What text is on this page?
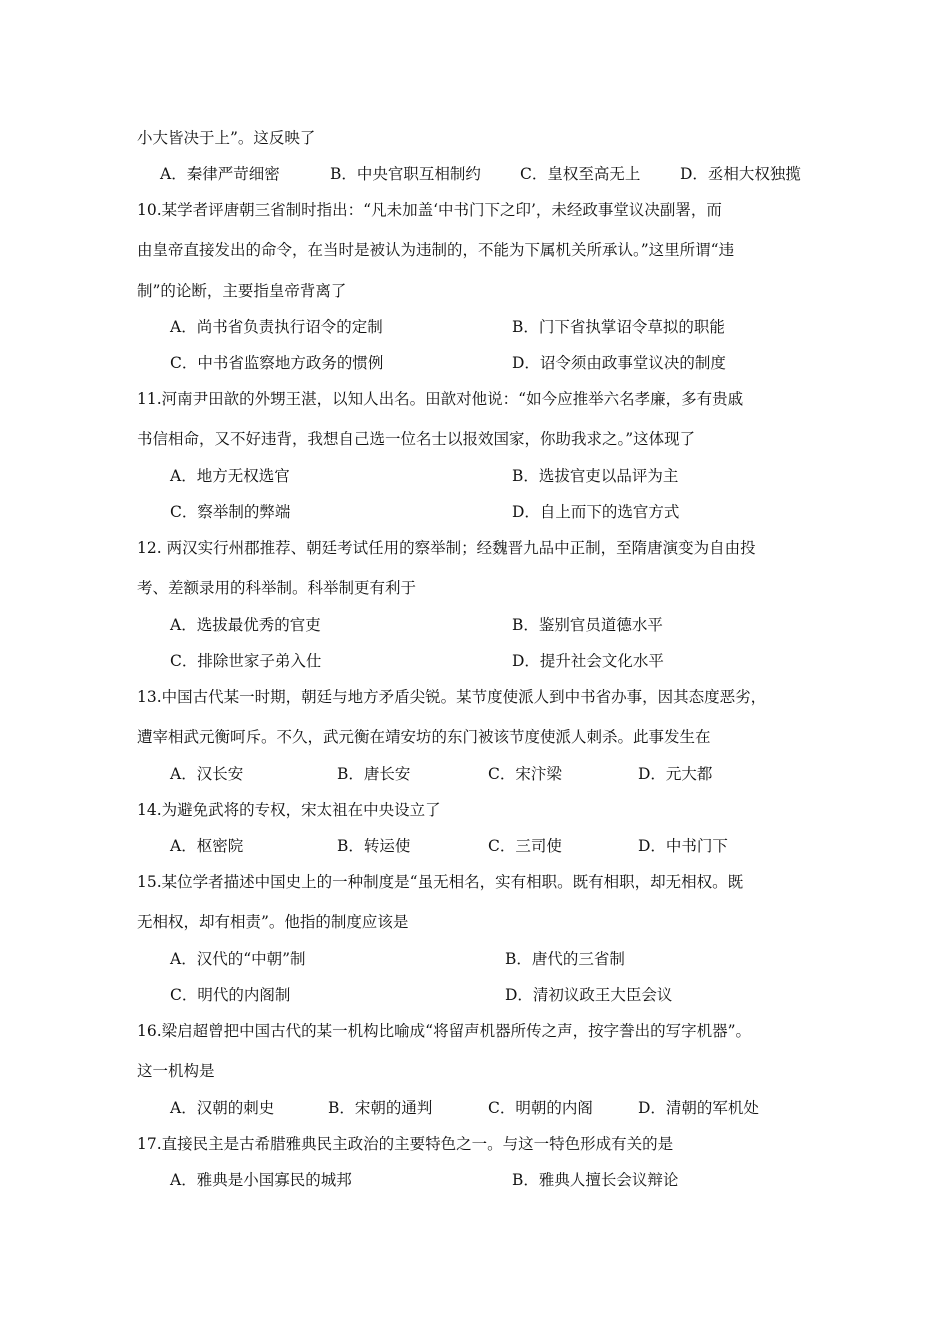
小大皆决于上”。这反映了
A．秦律严苛细密	B．中央官职互相制约	C．皇权至高无上	D．丞相大权独揽
10.某学者评唐朝三省制时指出：“凡未加盖‘中书门下之印’，未经政事堂议决副署，而
由皇帝直接发出的命令，在当时是被认为违制的，不能为下属机关所承认。”这里所谓“违
制”的论断，主要指皇帝背离了
A．尚书省负责执行诏令的定制	B．门下省执掌诏令草拟的职能
C．中书省监察地方政务的惯例	D．诏令须由政事堂议决的制度
11.河南尹田歆的外甥王湛，以知人出名。田歆对他说：“如今应推举六名孝廉，多有贵戚
书信相命，又不好违背，我想自己选一位名士以报效国家，你助我求之。”这体现了
A．地方无权选官	B．选拔官吏以品评为主
C．察举制的弊端	D．自上而下的选官方式
12. 两汉实行州郡推荐、朝廷考试任用的察举制；经魏晋九品中正制，至隋唐演变为自由投
考、差额录用的科举制。科举制更有利于
A．选拔最优秀的官吏	B．鉴别官员道德水平
C．排除世家子弟入仕	D．提升社会文化水平
13.中国古代某一时期，朝廷与地方矛盾尖锐。某节度使派人到中书省办事，因其态度恶劣，
遭宰相武元衡呵斥。不久，武元衡在靖安坊的东门被该节度使派人刺杀。此事发生在
A．汉长安	B．唐长安	C．宋汴梁	D．元大都
14.为避免武将的专权，宋太祖在中央设立了
A．枢密院	B．转运使	C．三司使	D．中书门下
15.某位学者描述中国史上的一种制度是“虽无相名，实有相职。既有相职，却无相权。既
无相权，却有相责”。他指的制度应该是
A．汉代的“中朝”制	B．唐代的三省制
C．明代的内阁制	D．清初议政王大臣会议
16.梁启超曾把中国古代的某一机构比喻成“将留声机器所传之声，按字誊出的写字机器”。
这一机构是
A．汉朝的刺史	B．宋朝的通判	C．明朝的内阁	D．清朝的军机处
17.直接民主是古希腊雅典民主政治的主要特色之一。与这一特色形成有关的是
A．雅典是小国寡民的城邦	B．雅典人擅长会议辩论
